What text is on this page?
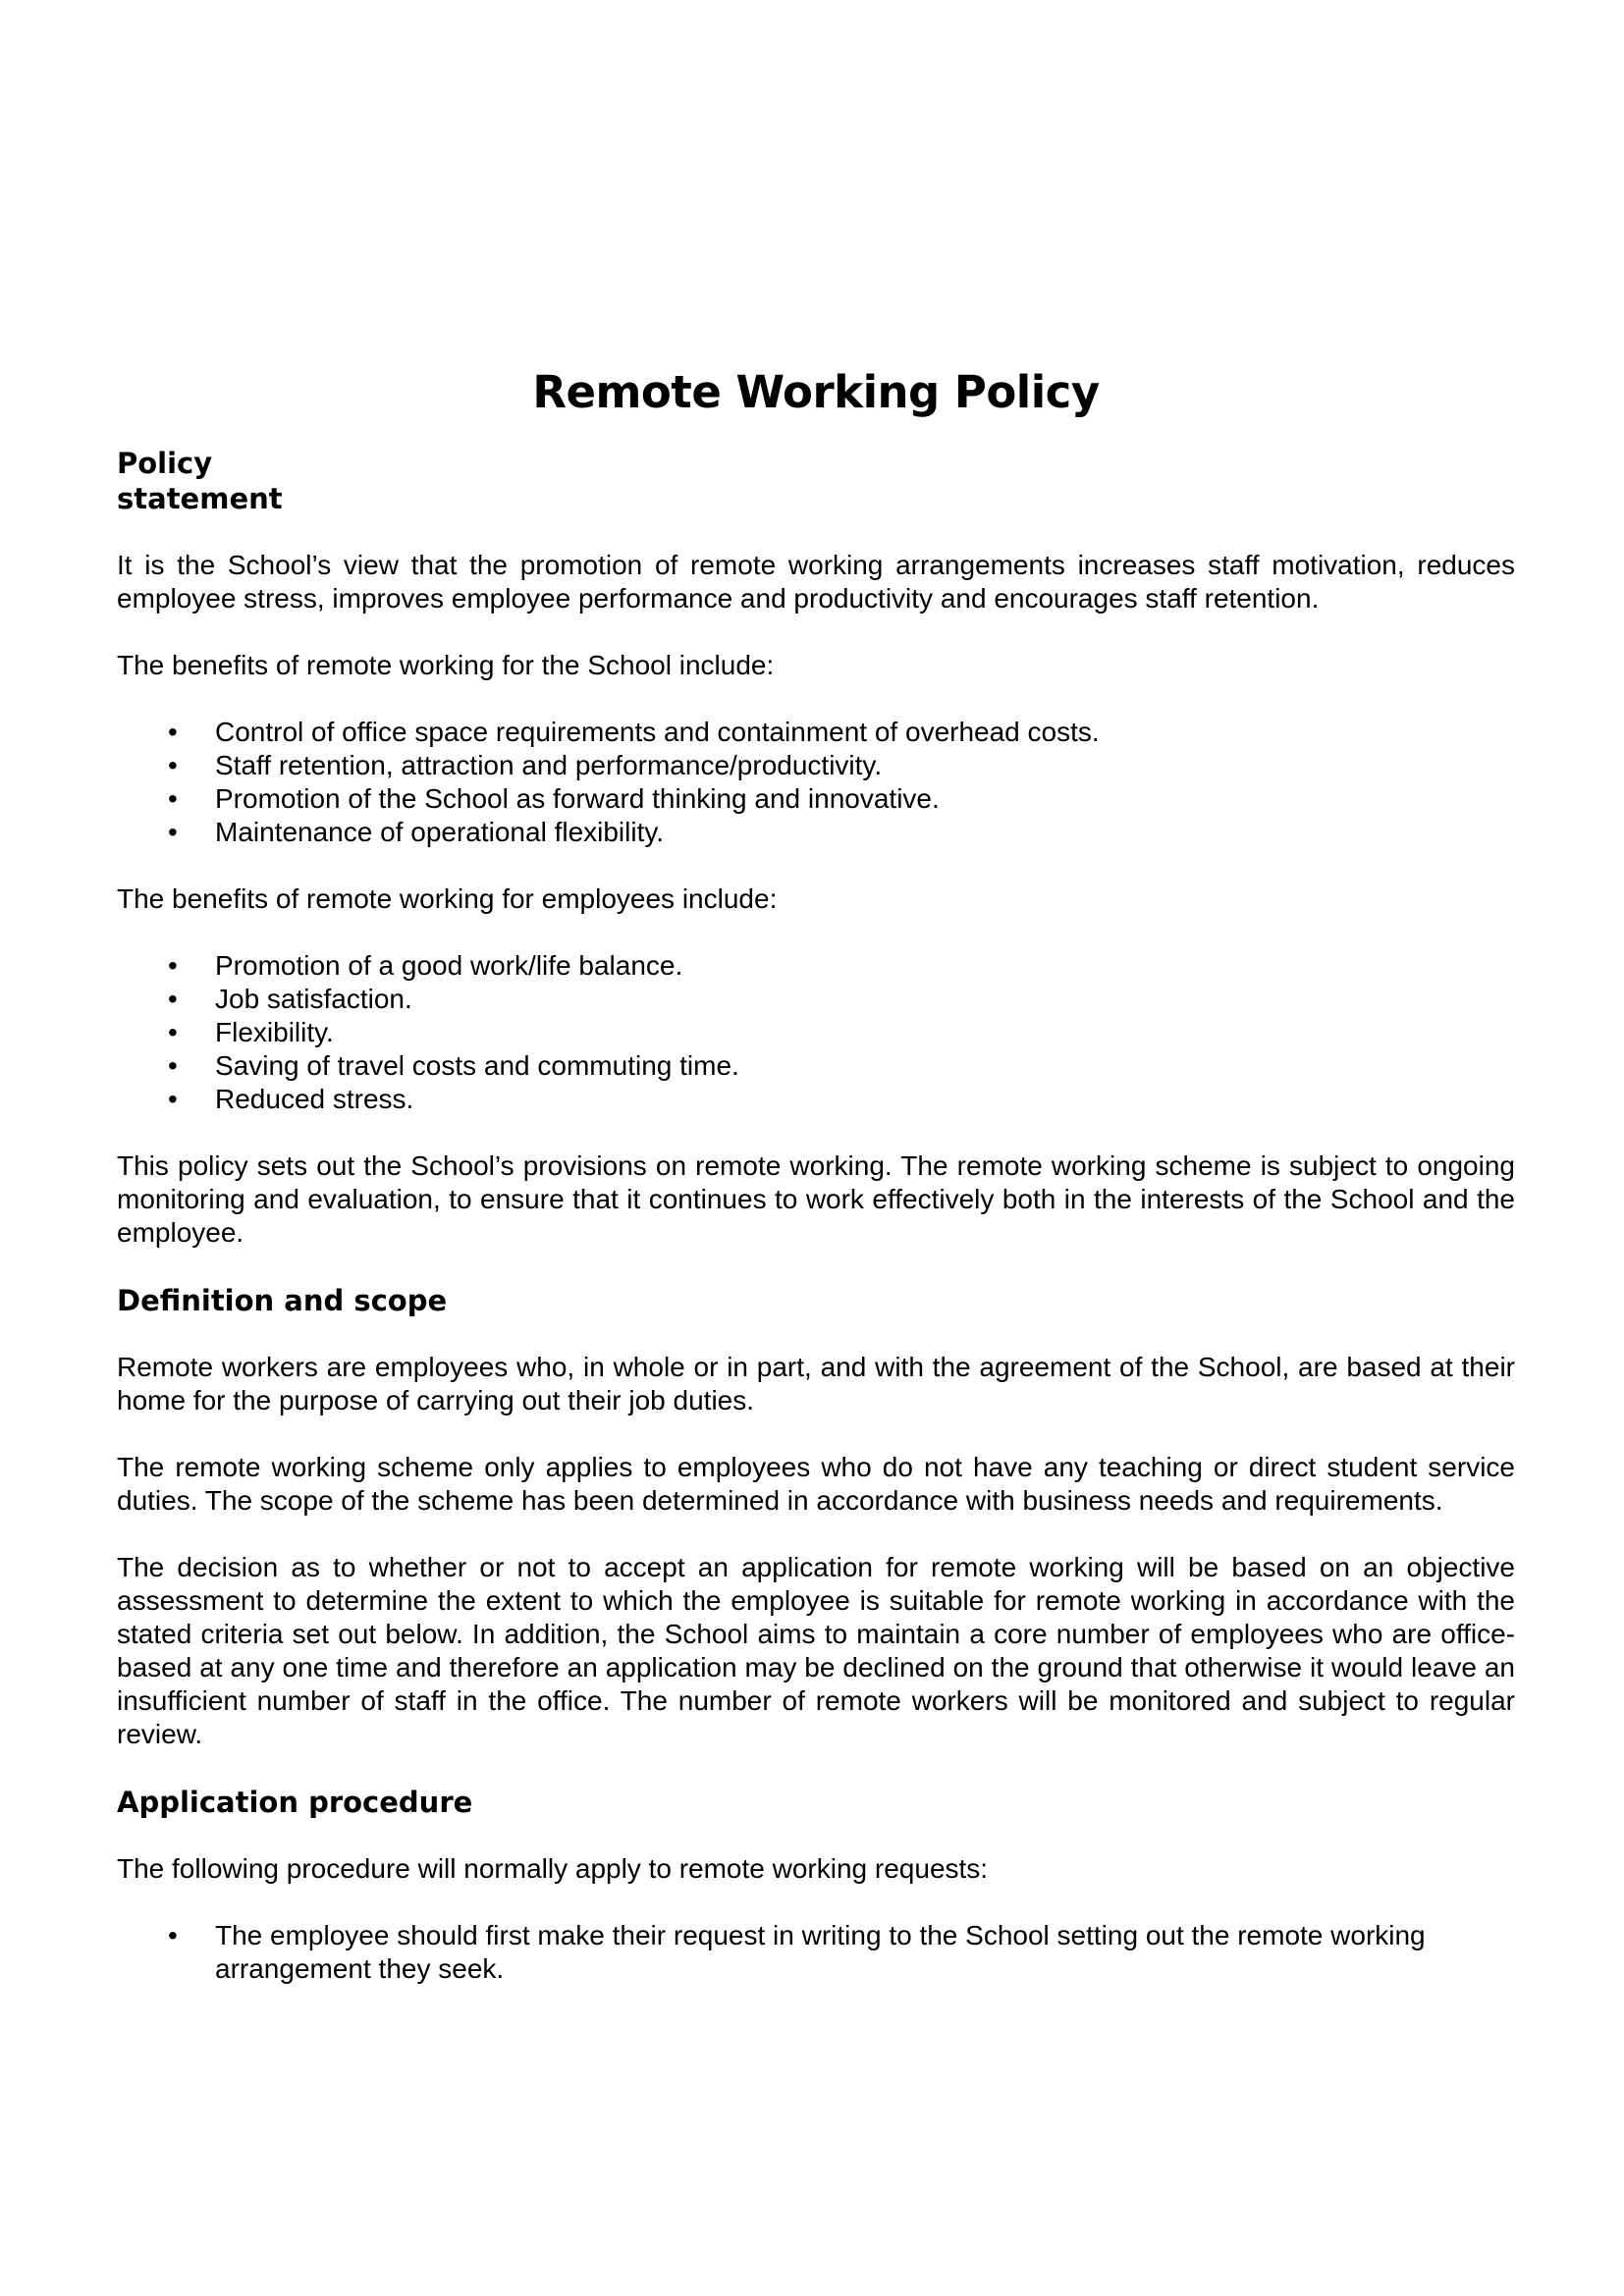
Remote Working Policy
Policy
statement

It is the School’s view that the promotion of remote working arrangements increases staff motivation, reduces employee stress, improves employee performance and productivity and encourages staff retention.

The benefits of remote working for the School include:

• Control of office space requirements and containment of overhead costs.
• Staff retention, attraction and performance/productivity.
• Promotion of the School as forward thinking and innovative.
• Maintenance of operational flexibility.

The benefits of remote working for employees include:

• Promotion of a good work/life balance.
• Job satisfaction.
• Flexibility.
• Saving of travel costs and commuting time.
• Reduced stress.

This policy sets out the School’s provisions on remote working. The remote working scheme is subject to ongoing monitoring and evaluation, to ensure that it continues to work effectively both in the interests of the School and the employee.

Definition and scope

Remote workers are employees who, in whole or in part, and with the agreement of the School, are based at their home for the purpose of carrying out their job duties.

The remote working scheme only applies to employees who do not have any teaching or direct student service duties. The scope of the scheme has been determined in accordance with business needs and requirements.

The decision as to whether or not to accept an application for remote working will be based on an objective assessment to determine the extent to which the employee is suitable for remote working in accordance with the stated criteria set out below. In addition, the School aims to maintain a core number of employees who are office-based at any one time and therefore an application may be declined on the ground that otherwise it would leave an insufficient number of staff in the office. The number of remote workers will be monitored and subject to regular review.

Application procedure

The following procedure will normally apply to remote working requests:

• The employee should first make their request in writing to the School setting out the remote working arrangement they seek.
